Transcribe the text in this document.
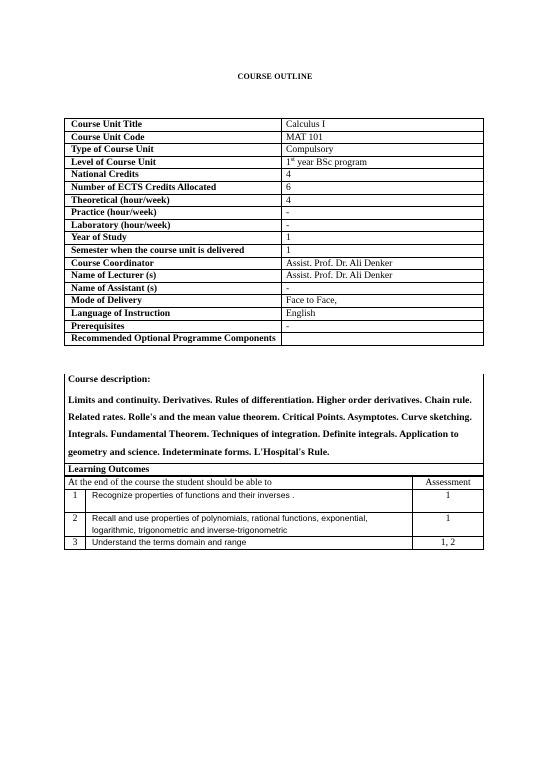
COURSE OUTLINE
Course Unit Title	Calculus I
Course Unit Code	MAT 101
Type of Course Unit	Compulsory
Level of Course Unit	1st year BSc program
National Credits	4
Number of ECTS Credits Allocated	6
Theoretical (hour/week)	4
Practice (hour/week)	-
Laboratory (hour/week)	-
Year of Study	1
Semester when the course unit is delivered	1
Course Coordinator	Assist. Prof. Dr. Ali Denker
Name of Lecturer (s)	Assist. Prof. Dr. Ali Denker
Name of Assistant (s)	-
Mode of Delivery	Face to Face,
Language of Instruction	English
Prerequisites	-
Recommended Optional Programme Components	
Course description:
Limits and continuity. Derivatives. Rules of differentiation. Higher order derivatives. Chain rule. Related rates. Rolle's and the mean value theorem. Critical Points. Asymptotes. Curve sketching. Integrals. Fundamental Theorem. Techniques of integration. Definite integrals. Application to geometry and science. Indeterminate forms. L'Hospital's Rule.
Learning Outcomes
At the end of the course the student should be able to		Assessment
1	Recognize properties of functions and their inverses .	1
2	Recall and use properties of polynomials, rational functions, exponential, logarithmic, trigonometric and inverse-trigonometric	1
3	Understand the terms domain and range	1, 2
